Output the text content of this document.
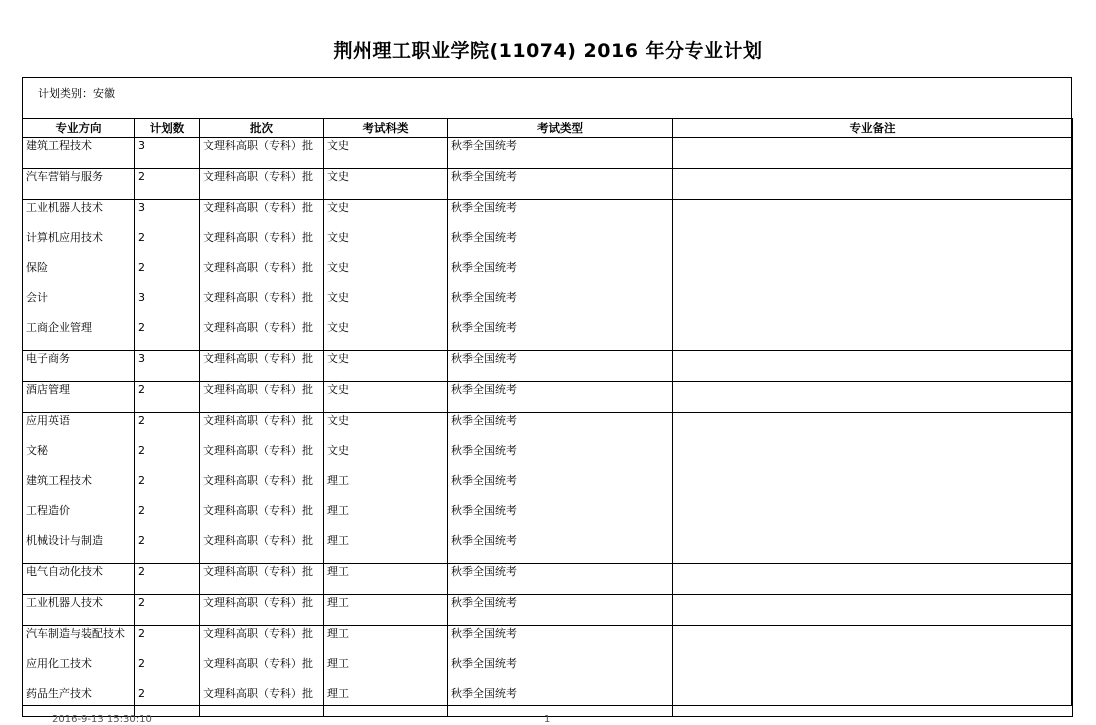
荆州理工职业学院(11074) 2016 年分专业计划
计划类别：安徽
专业方向	计划数	批次	考试科类	考试类型	专业备注

建筑工程技术	3	文理科高职（专科）批	文史	秋季全国统考	

汽车营销与服务	2	文理科高职（专科）批	文史	秋季全国统考	

工业机器人技术	3	文理科高职（专科）批	文史	秋季全国统考	

计算机应用技术	2	文理科高职（专科）批	文史	秋季全国统考	

保险	2	文理科高职（专科）批	文史	秋季全国统考	

会计	3	文理科高职（专科）批	文史	秋季全国统考	

工商企业管理	2	文理科高职（专科）批	文史	秋季全国统考	

电子商务	3	文理科高职（专科）批	文史	秋季全国统考	

酒店管理	2	文理科高职（专科）批	文史	秋季全国统考	

应用英语	2	文理科高职（专科）批	文史	秋季全国统考	

文秘	2	文理科高职（专科）批	文史	秋季全国统考	

建筑工程技术	2	文理科高职（专科）批	理工	秋季全国统考	

工程造价	2	文理科高职（专科）批	理工	秋季全国统考	

机械设计与制造	2	文理科高职（专科）批	理工	秋季全国统考	

电气自动化技术	2	文理科高职（专科）批	理工	秋季全国统考	

工业机器人技术	2	文理科高职（专科）批	理工	秋季全国统考	

汽车制造与装配技术	2	文理科高职（专科）批	理工	秋季全国统考	

应用化工技术	2	文理科高职（专科）批	理工	秋季全国统考	

药品生产技术	2	文理科高职（专科）批	理工	秋季全国统考	

2016-9-13 15:30:10	1
